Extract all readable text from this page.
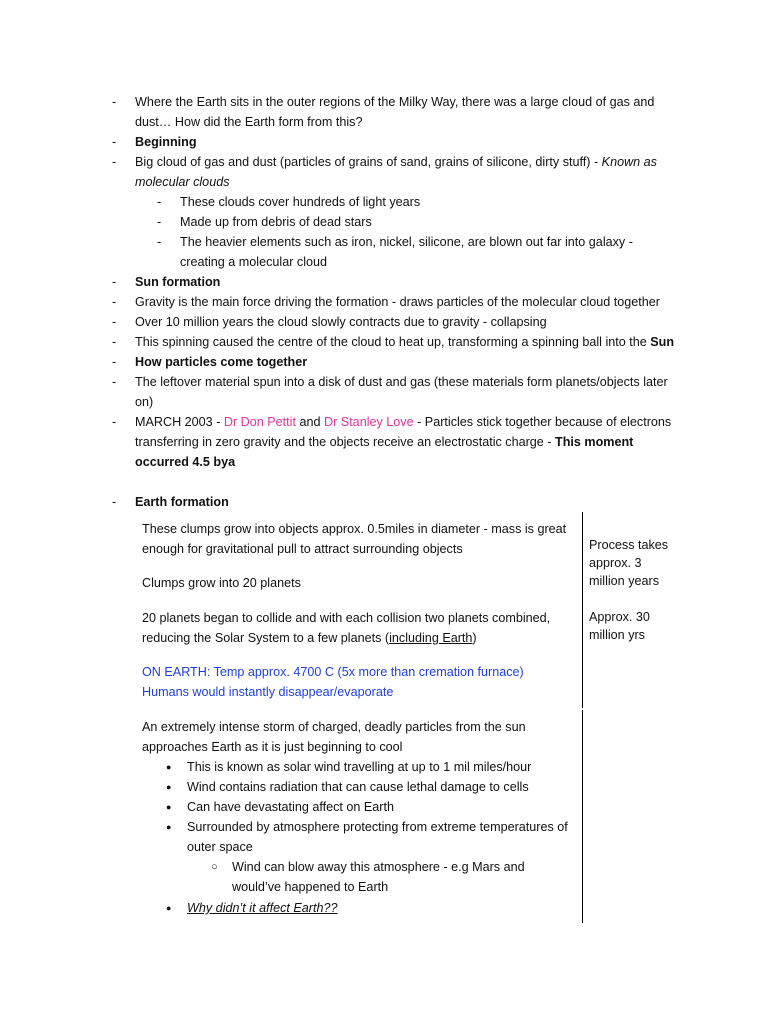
-	Where the Earth sits in the outer regions of the Milky Way, there was a large cloud of gas and
dust… How did the Earth form from this?
-	Beginning
-	Big cloud of gas and dust (particles of grains of sand, grains of silicone, dirty stuff) - Known as
molecular clouds
-	These clouds cover hundreds of light years
-	Made up from debris of dead stars
-	The heavier elements such as iron, nickel, silicone, are blown out far into galaxy -
creating a molecular cloud
-	Sun formation
-	Gravity is the main force driving the formation - draws particles of the molecular cloud together
-	Over 10 million years the cloud slowly contracts due to gravity - collapsing
-	This spinning caused the centre of the cloud to heat up, transforming a spinning ball into the Sun
-	How particles come together
-	The leftover material spun into a disk of dust and gas (these materials form planets/objects later
on)
-	MARCH 2003 - Dr Don Pettit and Dr Stanley Love - Particles stick together because of electrons
transferring in zero gravity and the objects receive an electrostatic charge - This moment
occurred 4.5 bya
-	Earth formation
These clumps grow into objects approx. 0.5miles in diameter - mass is great
enough for gravitational pull to attract surrounding objects
Clumps grow into 20 planets
Process takes
approx. 3
million years
20 planets began to collide and with each collision two planets combined,
reducing the Solar System to a few planets (including Earth)
Approx. 30
million yrs
ON EARTH: Temp approx. 4700 C (5x more than cremation furnace)
Humans would instantly disappear/evaporate
An extremely intense storm of charged, deadly particles from the sun
approaches Earth as it is just beginning to cool
●	This is known as solar wind travelling at up to 1 mil miles/hour
●	Wind contains radiation that can cause lethal damage to cells
●	Can have devastating affect on Earth
●	Surrounded by atmosphere protecting from extreme temperatures of
outer space
○ Wind can blow away this atmosphere - e.g Mars and
would’ve happened to Earth
●	Why didn’t it affect Earth??
